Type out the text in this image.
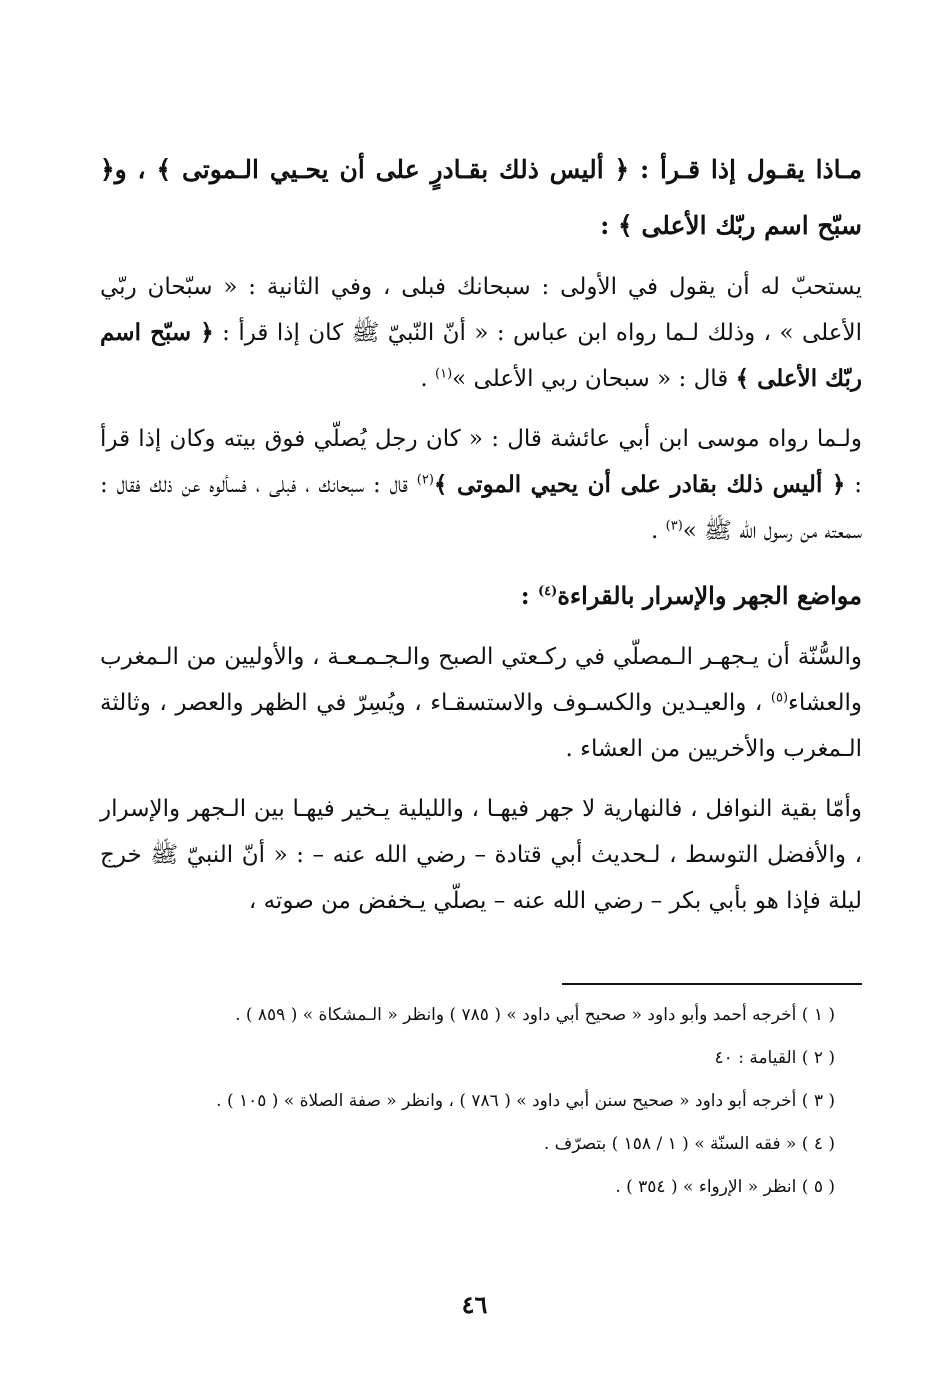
مـاذا يقـول إذا قـرأ : ﴿ أليس ذلك بقـادرٍ على أن يحـيي الـموتى ﴾ ، و﴿ سبّح اسم ربّك الأعلى ﴾ :

يستحبّ له أن يقول في الأولى : سبحانك فبلى ، وفي الثانية : « سبّحان ربّي الأعلى » ، وذلك لـما رواه ابن عباس : « أنّ النّبيّ ﷺ كان إذا قرأ : ﴿ سبّح اسم ربّك الأعلى ﴾ قال : « سبحان ربي الأعلى »$^{(١)}$ .

ولـما رواه موسى ابن أبي عائشة قال : « كان رجل يُصلّي فوق بيته وكان إذا قرأ : ﴿ أليس ذلك بقادر على أن يحيي الموتى ﴾$^{(٢)}$ قال : سبحانك ، فبلى ، فسألوه عن ذلك فقال : سمعته من رسول الله ﷺ »$^{(٣)}$ .

مواضع الجهر والإسرار بالقراءة$^{(٤)}$ :

والسُّنّة أن يـجهـر الـمصلّي في ركـعتي الصبح والـجـمـعـة ، والأوليين من الـمغرب والعشاء$^{(٥)}$ ، والعيـدين والكسـوف والاستسقـاء ، ويُسِرّ في الظهر والعصر ، وثالثة الـمغرب والأخريين من العشاء .

وأمّا بقية النوافل ، فالنهارية لا جهر فيهـا ، والليلية يـخير فيهـا بين الـجهر والإسرار ، والأفضل التوسط ، لـحديث أبي قتادة – رضي الله عنه – : « أنّ النبيّ ﷺ خرج ليلة فإذا هو بأبي بكر – رضي الله عنه – يصلّي يـخفض من صوته ،

( ١ ) أخرجه أحمد وأبو داود « صحيح أبي داود » ( ٧٨٥ ) وانظر « الـمشكاة » ( ٨٥٩ ) .

( ٢ ) القيامة : ٤٠

( ٣ ) أخرجه أبو داود « صحيح سنن أبي داود » ( ٧٨٦ ) ، وانظر « صفة الصلاة » ( ١٠٥ ) .

( ٤ ) « فقه السنّة » ( ١ / ١٥٨ ) بتصرّف .

( ٥ ) انظر « الإرواء » ( ٣٥٤ ) .

٤٦
